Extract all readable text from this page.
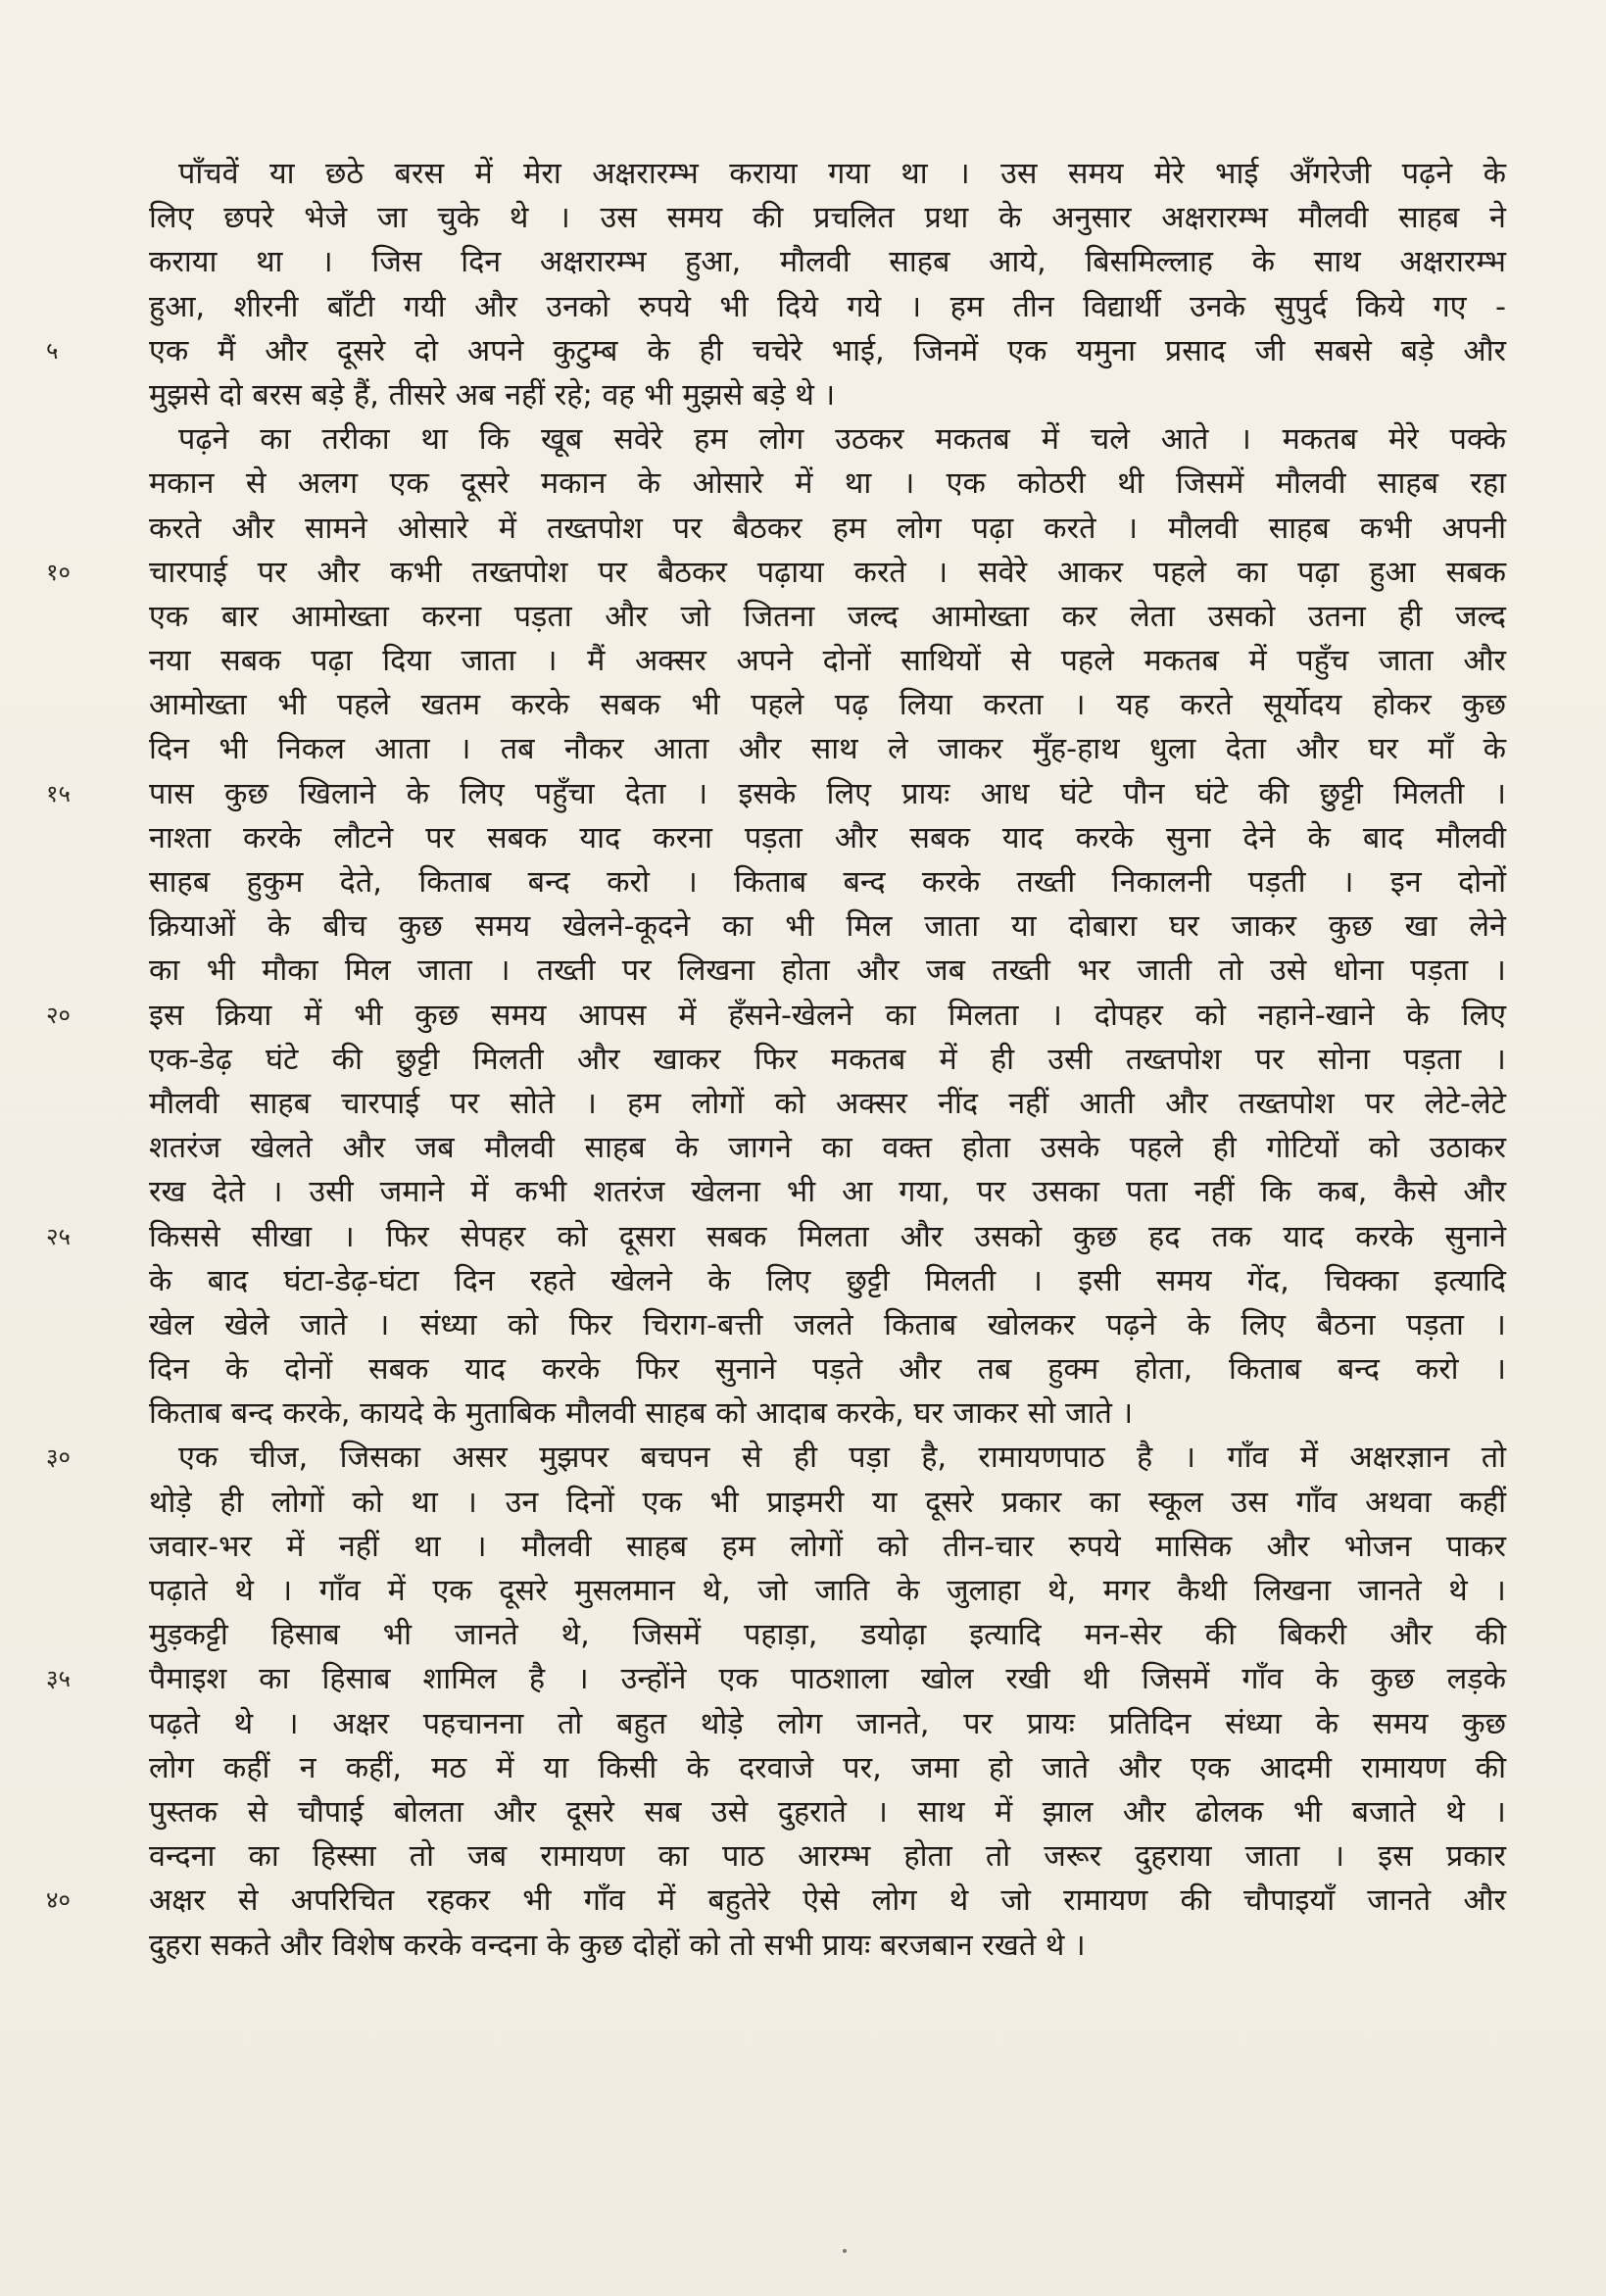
पाँचवें या छठे बरस में मेरा अक्षरारम्भ कराया गया था । उस समय मेरे भाई अँगरेजी पढ़ने के
लिए छपरे भेजे जा चुके थे । उस समय की प्रचलित प्रथा के अनुसार अक्षरारम्भ मौलवी साहब ने
कराया था । जिस दिन अक्षरारम्भ हुआ, मौलवी साहब आये, बिसमिल्लाह के साथ अक्षरारम्भ
हुआ, शीरनी बाँटी गयी और उनको रुपये भी दिये गये । हम तीन विद्यार्थी उनके सुपुर्द किये गए -
५	एक मैं और दूसरे दो अपने कुटुम्ब के ही चचेरे भाई, जिनमें एक यमुना प्रसाद जी सबसे बड़े और
मुझसे दो बरस बड़े हैं, तीसरे अब नहीं रहे; वह भी मुझसे बड़े थे ।
पढ़ने का तरीका था कि खूब सवेरे हम लोग उठकर मकतब में चले आते । मकतब मेरे पक्के
मकान से अलग एक दूसरे मकान के ओसारे में था । एक कोठरी थी जिसमें मौलवी साहब रहा
करते और सामने ओसारे में तख्तपोश पर बैठकर हम लोग पढ़ा करते । मौलवी साहब कभी अपनी
१०	चारपाई पर और कभी तख्तपोश पर बैठकर पढ़ाया करते । सवेरे आकर पहले का पढ़ा हुआ सबक
एक बार आमोख्ता करना पड़ता और जो जितना जल्द आमोख्ता कर लेता उसको उतना ही जल्द
नया सबक पढ़ा दिया जाता । मैं अक्सर अपने दोनों साथियों से पहले मकतब में पहुँच जाता और
आमोख्ता भी पहले खतम करके सबक भी पहले पढ़ लिया करता । यह करते सूर्योदय होकर कुछ
दिन भी निकल आता । तब नौकर आता और साथ ले जाकर मुँह-हाथ धुला देता और घर माँ के
१५	पास कुछ खिलाने के लिए पहुँचा देता । इसके लिए प्रायः आध घंटे पौन घंटे की छुट्टी मिलती ।
नाश्ता करके लौटने पर सबक याद करना पड़ता और सबक याद करके सुना देने के बाद मौलवी
साहब हुकुम देते, किताब बन्द करो । किताब बन्द करके तख्ती निकालनी पड़ती । इन दोनों
क्रियाओं के बीच कुछ समय खेलने-कूदने का भी मिल जाता या दोबारा घर जाकर कुछ खा लेने
का भी मौका मिल जाता । तख्ती पर लिखना होता और जब तख्ती भर जाती तो उसे धोना पड़ता ।
२०	इस क्रिया में भी कुछ समय आपस में हँसने-खेलने का मिलता । दोपहर को नहाने-खाने के लिए
एक-डेढ़ घंटे की छुट्टी मिलती और खाकर फिर मकतब में ही उसी तख्तपोश पर सोना पड़ता ।
मौलवी साहब चारपाई पर सोते । हम लोगों को अक्सर नींद नहीं आती और तख्तपोश पर लेटे-लेटे
शतरंज खेलते और जब मौलवी साहब के जागने का वक्त होता उसके पहले ही गोटियों को उठाकर
रख देते । उसी जमाने में कभी शतरंज खेलना भी आ गया, पर उसका पता नहीं कि कब, कैसे और
२५	किससे सीखा । फिर सेपहर को दूसरा सबक मिलता और उसको कुछ हद तक याद करके सुनाने
के बाद घंटा-डेढ़-घंटा दिन रहते खेलने के लिए छुट्टी मिलती । इसी समय गेंद, चिक्का इत्यादि
खेल खेले जाते । संध्या को फिर चिराग-बत्ती जलते किताब खोलकर पढ़ने के लिए बैठना पड़ता ।
दिन के दोनों सबक याद करके फिर सुनाने पड़ते और तब हुक्म होता, किताब बन्द करो ।
किताब बन्द करके, कायदे के मुताबिक मौलवी साहब को आदाब करके, घर जाकर सो जाते ।
३०	एक चीज, जिसका असर मुझपर बचपन से ही पड़ा है, रामायणपाठ है । गाँव में अक्षरज्ञान तो
थोड़े ही लोगों को था । उन दिनों एक भी प्राइमरी या दूसरे प्रकार का स्कूल उस गाँव अथवा कहीं
जवार-भर में नहीं था । मौलवी साहब हम लोगों को तीन-चार रुपये मासिक और भोजन पाकर
पढ़ाते थे । गाँव में एक दूसरे मुसलमान थे, जो जाति के जुलाहा थे, मगर कैथी लिखना जानते थे ।
मुड़कट्टी हिसाब भी जानते थे, जिसमें पहाड़ा, डयोढ़ा इत्यादि मन-सेर की बिकरी और की
३५	पैमाइश का हिसाब शामिल है । उन्होंने एक पाठशाला खोल रखी थी जिसमें गाँव के कुछ लड़के
पढ़ते थे । अक्षर पहचानना तो बहुत थोड़े लोग जानते, पर प्रायः प्रतिदिन संध्या के समय कुछ
लोग कहीं न कहीं, मठ में या किसी के दरवाजे पर, जमा हो जाते और एक आदमी रामायण की
पुस्तक से चौपाई बोलता और दूसरे सब उसे दुहराते । साथ में झाल और ढोलक भी बजाते थे ।
वन्दना का हिस्सा तो जब रामायण का पाठ आरम्भ होता तो जरूर दुहराया जाता । इस प्रकार
४०	अक्षर से अपरिचित रहकर भी गाँव में बहुतेरे ऐसे लोग थे जो रामायण की चौपाइयाँ जानते और
दुहरा सकते और विशेष करके वन्दना के कुछ दोहों को तो सभी प्रायः बरजबान रखते थे ।
